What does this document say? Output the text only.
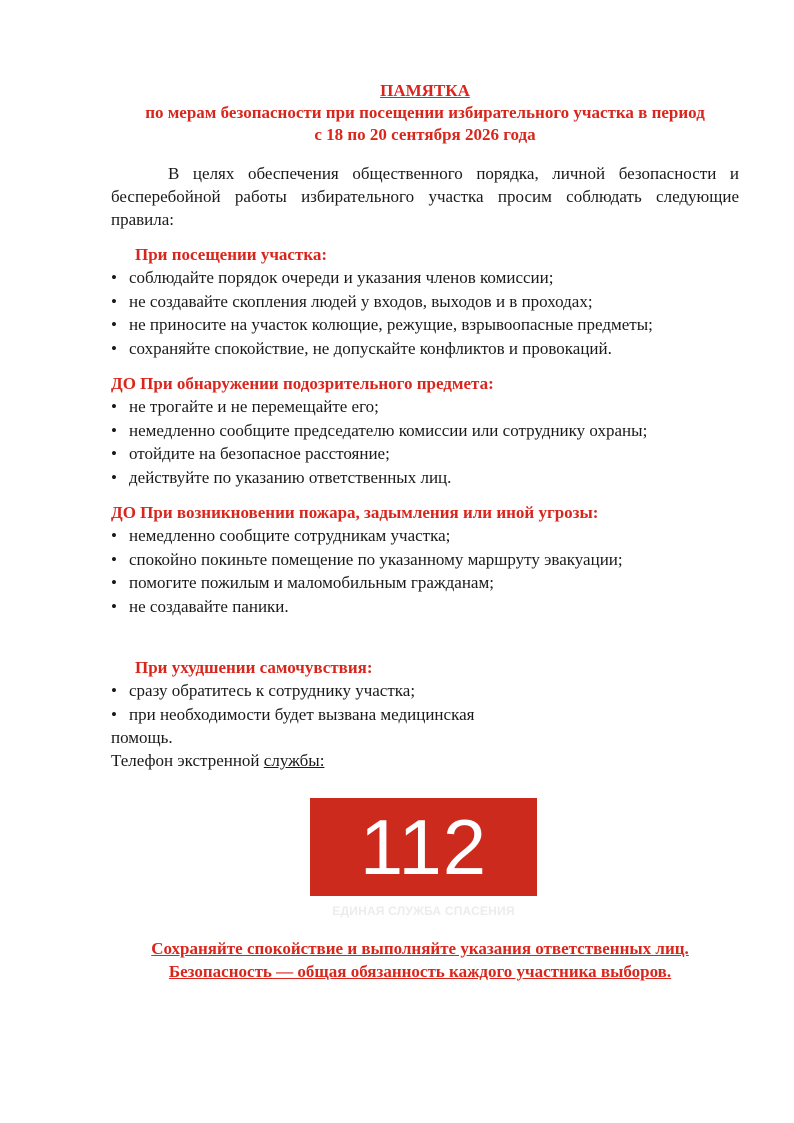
ПАМЯТКА
по мерам безопасности при посещении избирательного участка в период
с 18 по 20 сентября 2026 года
В целях обеспечения общественного порядка, личной безопасности и бесперебойной работы избирательного участка просим соблюдать следующие правила:
При посещении участка:
• соблюдайте порядок очереди и указания членов комиссии;
• не создавайте скопления людей у входов, выходов и в проходах;
• не приносите на участок колющие, режущие, взрывоопасные предметы;
• сохраняйте спокойствие, не допускайте конфликтов и провокаций.
ДО При обнаружении подозрительного предмета:
• не трогайте и не перемещайте его;
• немедленно сообщите председателю комиссии или сотруднику охраны;
• отойдите на безопасное расстояние;
• действуйте по указанию ответственных лиц.
ДО При возникновении пожара, задымления или иной угрозы:
• немедленно сообщите сотрудникам участка;
• спокойно покиньте помещение по указанному маршруту эвакуации;
• помогите пожилым и маломобильным гражданам;
• не создавайте паники.
При ухудшении самочувствия:
• сразу обратитесь к сотруднику участка;
• при необходимости будет вызвана медицинская
помощь.
Телефон экстренной службы:
112
ЕДИНАЯ СЛУЖБА СПАСЕНИЯ
Сохраняйте спокойствие и выполняйте указания ответственных лиц.
Безопасность — общая обязанность каждого участника выборов.
